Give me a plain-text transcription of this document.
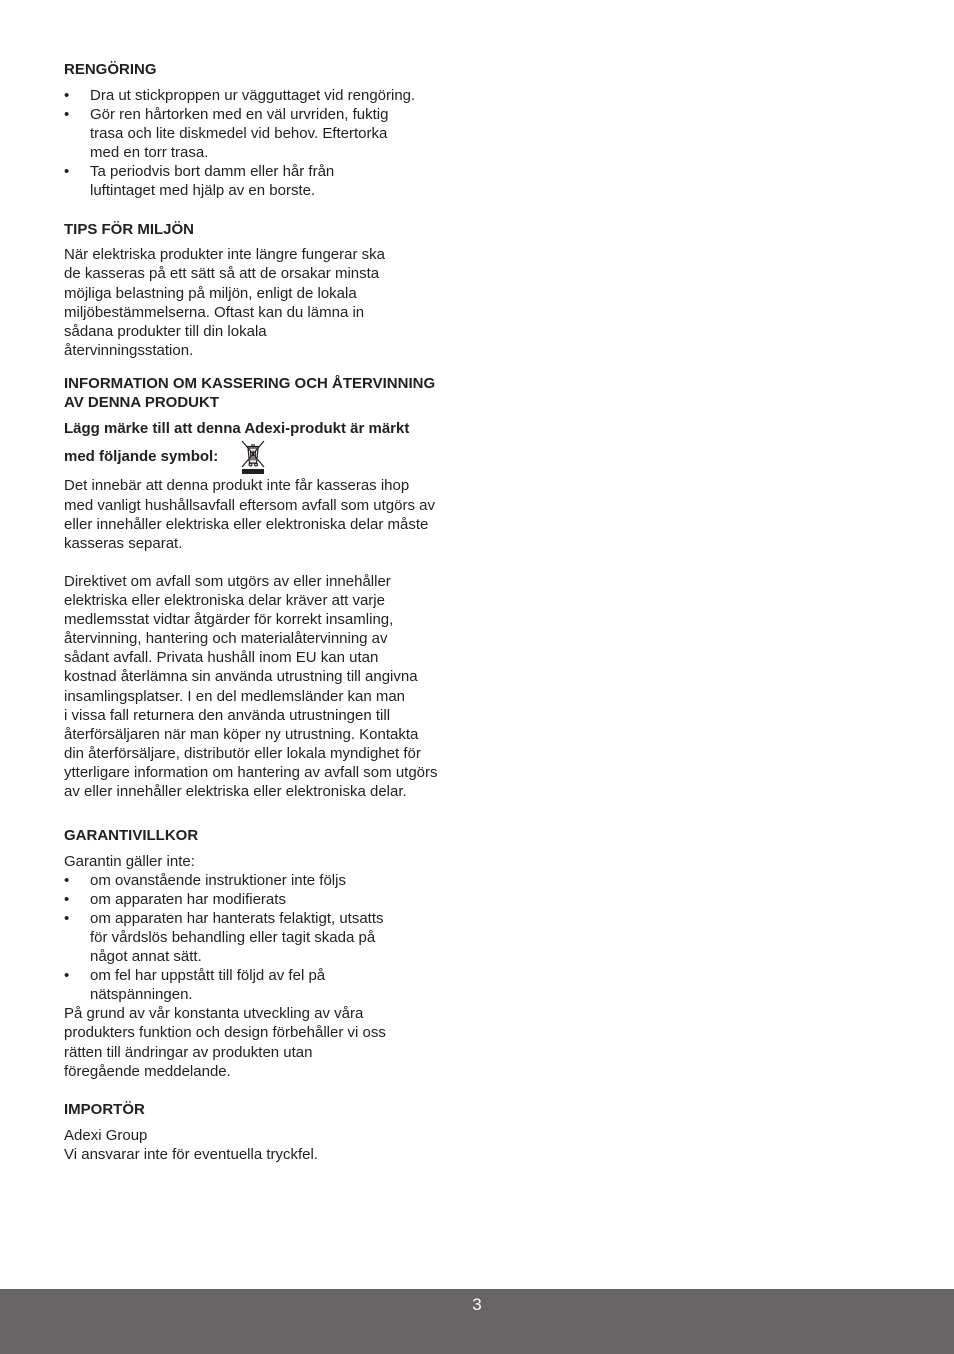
RENGÖRING
• Dra ut stickproppen ur vägguttaget vid rengöring.
• Gör ren hårtorken med en väl urvriden, fuktig
trasa och lite diskmedel vid behov. Eftertorka
med en torr trasa.
• Ta periodvis bort damm eller hår från
luftintaget med hjälp av en borste.
TIPS FÖR MILJÖN
När elektriska produkter inte längre fungerar ska
de kasseras på ett sätt så att de orsakar minsta
möjliga belastning på miljön, enligt de lokala
miljöbestämmelserna. Oftast kan du lämna in
sådana produkter till din lokala
återvinningsstation.
INFORMATION OM KASSERING OCH ÅTERVINNING
AV DENNA PRODUKT
Lägg märke till att denna Adexi-produkt är märkt
med följande symbol:
Det innebär att denna produkt inte får kasseras ihop
med vanligt hushållsavfall eftersom avfall som utgörs av
eller innehåller elektriska eller elektroniska delar måste
kasseras separat.
Direktivet om avfall som utgörs av eller innehåller
elektriska eller elektroniska delar kräver att varje
medlemsstat vidtar åtgärder för korrekt insamling,
återvinning, hantering och materialåtervinning av
sådant avfall. Privata hushåll inom EU kan utan
kostnad återlämna sin använda utrustning till angivna
insamlingsplatser. I en del medlemsländer kan man
i vissa fall returnera den använda utrustningen till
återförsäljaren när man köper ny utrustning. Kontakta
din återförsäljare, distributör eller lokala myndighet för
ytterligare information om hantering av avfall som utgörs
av eller innehåller elektriska eller elektroniska delar.
GARANTIVILLKOR
Garantin gäller inte:
• om ovanstående instruktioner inte följs
• om apparaten har modifierats
• om apparaten har hanterats felaktigt, utsatts
för vårdslös behandling eller tagit skada på
något annat sätt.
• om fel har uppstått till följd av fel på
nätspänningen.
På grund av vår konstanta utveckling av våra
produkters funktion och design förbehåller vi oss
rätten till ändringar av produkten utan
föregående meddelande.
IMPORTÖR
Adexi Group
Vi ansvarar inte för eventuella tryckfel.
3
